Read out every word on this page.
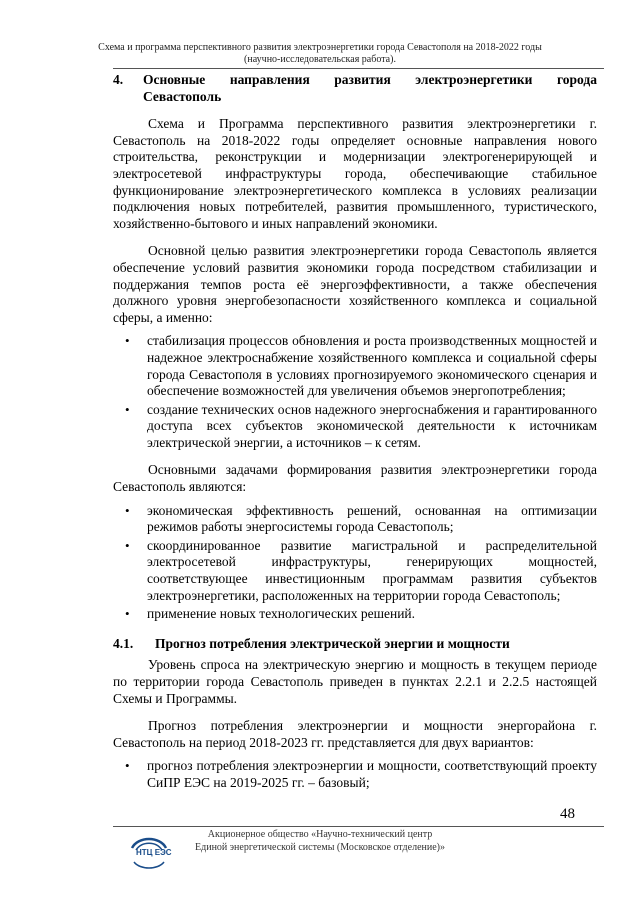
Схема и программа перспективного развития электроэнергетики города Севастополя на 2018-2022 годы
(научно-исследовательская работа).
4.	Основные направления развития электроэнергетики города
Севастополь

Схема и Программа перспективного развития электроэнергетики г. Севастополь на 2018-2022 годы определяет основные направления нового строительства, реконструкции и модернизации электрогенерирующей и электросетевой инфраструктуры города, обеспечивающие стабильное функционирование электроэнергетического комплекса в условиях реализации подключения новых потребителей, развития промышленного, туристического, хозяйственно-бытового и иных направлений экономики.

Основной целью развития электроэнергетики города Севастополь является обеспечение условий развития экономики города посредством стабилизации и поддержания темпов роста её энергоэффективности, а также обеспечения должного уровня энергобезопасности хозяйственного комплекса и социальной сферы, а именно:

• стабилизация процессов обновления и роста производственных мощностей и надежное электроснабжение хозяйственного комплекса и социальной сферы города Севастополя в условиях прогнозируемого экономического сценария и обеспечение возможностей для увеличения объемов энергопотребления;
• создание технических основ надежного энергоснабжения и гарантированного доступа всех субъектов экономической деятельности к источникам электрической энергии, а источников – к сетям.

Основными задачами формирования развития электроэнергетики города Севастополь являются:

• экономическая эффективность решений, основанная на оптимизации режимов работы энергосистемы города Севастополь;
• скоординированное развитие магистральной и распределительной электросетевой инфраструктуры, генерирующих мощностей, соответствующее инвестиционным программам развития субъектов электроэнергетики, расположенных на территории города Севастополь;
• применение новых технологических решений.
4.1.	Прогноз потребления электрической энергии и мощности

Уровень спроса на электрическую энергию и мощность в текущем периоде по территории города Севастополь приведен в пунктах 2.2.1 и 2.2.5 настоящей Схемы и Программы.

Прогноз потребления электроэнергии и мощности энергорайона г. Севастополь на период 2018-2023 гг. представляется для двух вариантов:

• прогноз потребления электроэнергии и мощности, соответствующий проекту СиПР ЕЭС на 2019-2025 гг. – базовый;
48
НТЦ ЕЭС
Акционерное общество «Научно-технический центр
Единой энергетической системы (Московское отделение)»
